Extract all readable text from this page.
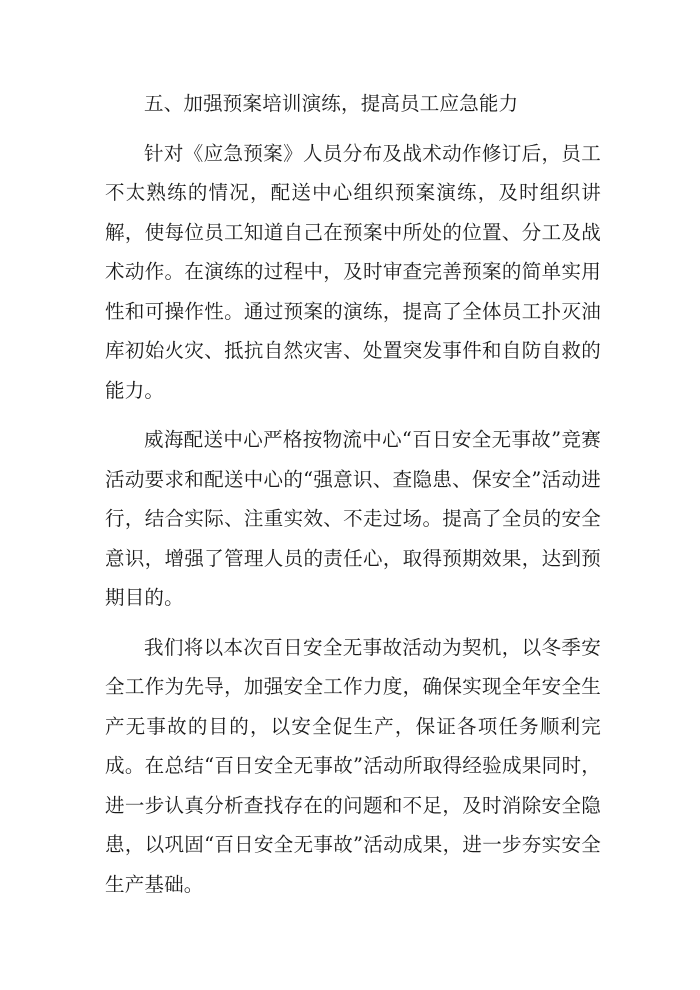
五、加强预案培训演练，提高员工应急能力

针对《应急预案》人员分布及战术动作修订后，员工不太熟练的情况，配送中心组织预案演练，及时组织讲解，使每位员工知道自己在预案中所处的位置、分工及战术动作。在演练的过程中，及时审查完善预案的简单实用性和可操作性。通过预案的演练，提高了全体员工扑灭油库初始火灾、抵抗自然灾害、处置突发事件和自防自救的能力。

威海配送中心严格按物流中心“百日安全无事故”竞赛活动要求和配送中心的“强意识、查隐患、保安全”活动进行，结合实际、注重实效、不走过场。提高了全员的安全意识，增强了管理人员的责任心，取得预期效果，达到预期目的。

我们将以本次百日安全无事故活动为契机，以冬季安全工作为先导，加强安全工作力度，确保实现全年安全生产无事故的目的，以安全促生产，保证各项任务顺利完成。在总结“百日安全无事故”活动所取得经验成果同时，进一步认真分析查找存在的问题和不足，及时消除安全隐患，以巩固“百日安全无事故”活动成果，进一步夯实安全生产基础。
